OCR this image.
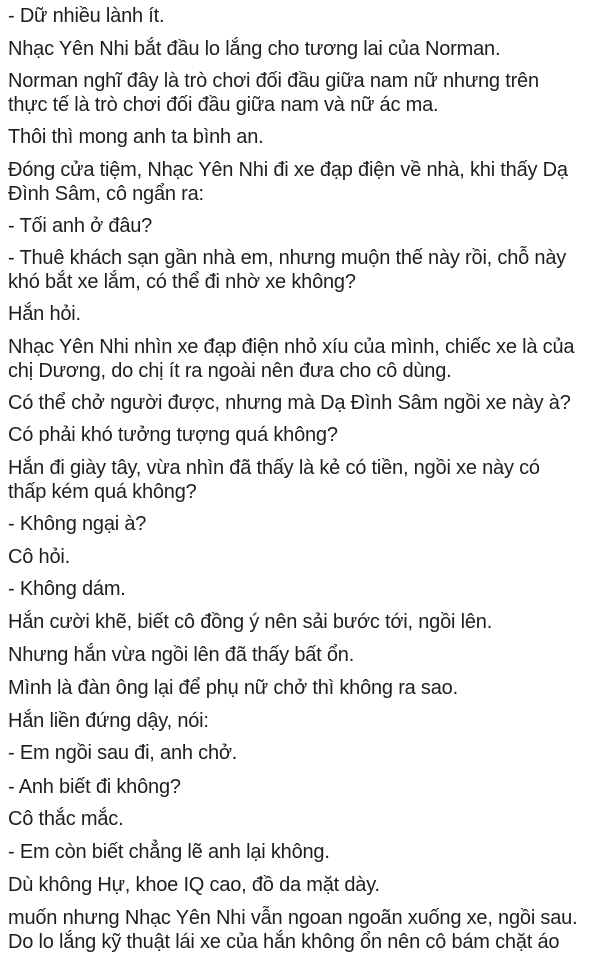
- Dữ nhiều lành ít.

Nhạc Yên Nhi bắt đầu lo lắng cho tương lai của Norman.

Norman nghĩ đây là trò chơi đối đầu giữa nam nữ nhưng trên
thực tế là trò chơi đối đầu giữa nam và nữ ác ma.

Thôi thì mong anh ta bình an.

Đóng cửa tiệm, Nhạc Yên Nhi đi xe đạp điện về nhà, khi thấy Dạ
Đình Sâm, cô ngẩn ra:

- Tối anh ở đâu?

- Thuê khách sạn gần nhà em, nhưng muộn thế này rồi, chỗ này
khó bắt xe lắm, có thể đi nhờ xe không?

Hắn hỏi.

Nhạc Yên Nhi nhìn xe đạp điện nhỏ xíu của mình, chiếc xe là của
chị Dương, do chị ít ra ngoài nên đưa cho cô dùng.

Có thể chở người được, nhưng mà Dạ Đình Sâm ngồi xe này à?

Có phải khó tưởng tượng quá không?

Hắn đi giày tây, vừa nhìn đã thấy là kẻ có tiền, ngồi xe này có
thấp kém quá không?

- Không ngại à?

Cô hỏi.

- Không dám.

Hắn cười khẽ, biết cô đồng ý nên sải bước tới, ngồi lên.

Nhưng hắn vừa ngồi lên đã thấy bất ổn.

Mình là đàn ông lại để phụ nữ chở thì không ra sao.

Hắn liền đứng dậy, nói:

- Em ngồi sau đi, anh chở.

- Anh biết đi không?

Cô thắc mắc.

- Em còn biết chẳng lẽ anh lại không.

Dù không Hự, khoe IQ cao, đồ da mặt dày.

muốn nhưng Nhạc Yên Nhi vẫn ngoan ngoãn xuống xe, ngồi sau.
Do lo lắng kỹ thuật lái xe của hắn không ổn nên cô bám chặt áo
